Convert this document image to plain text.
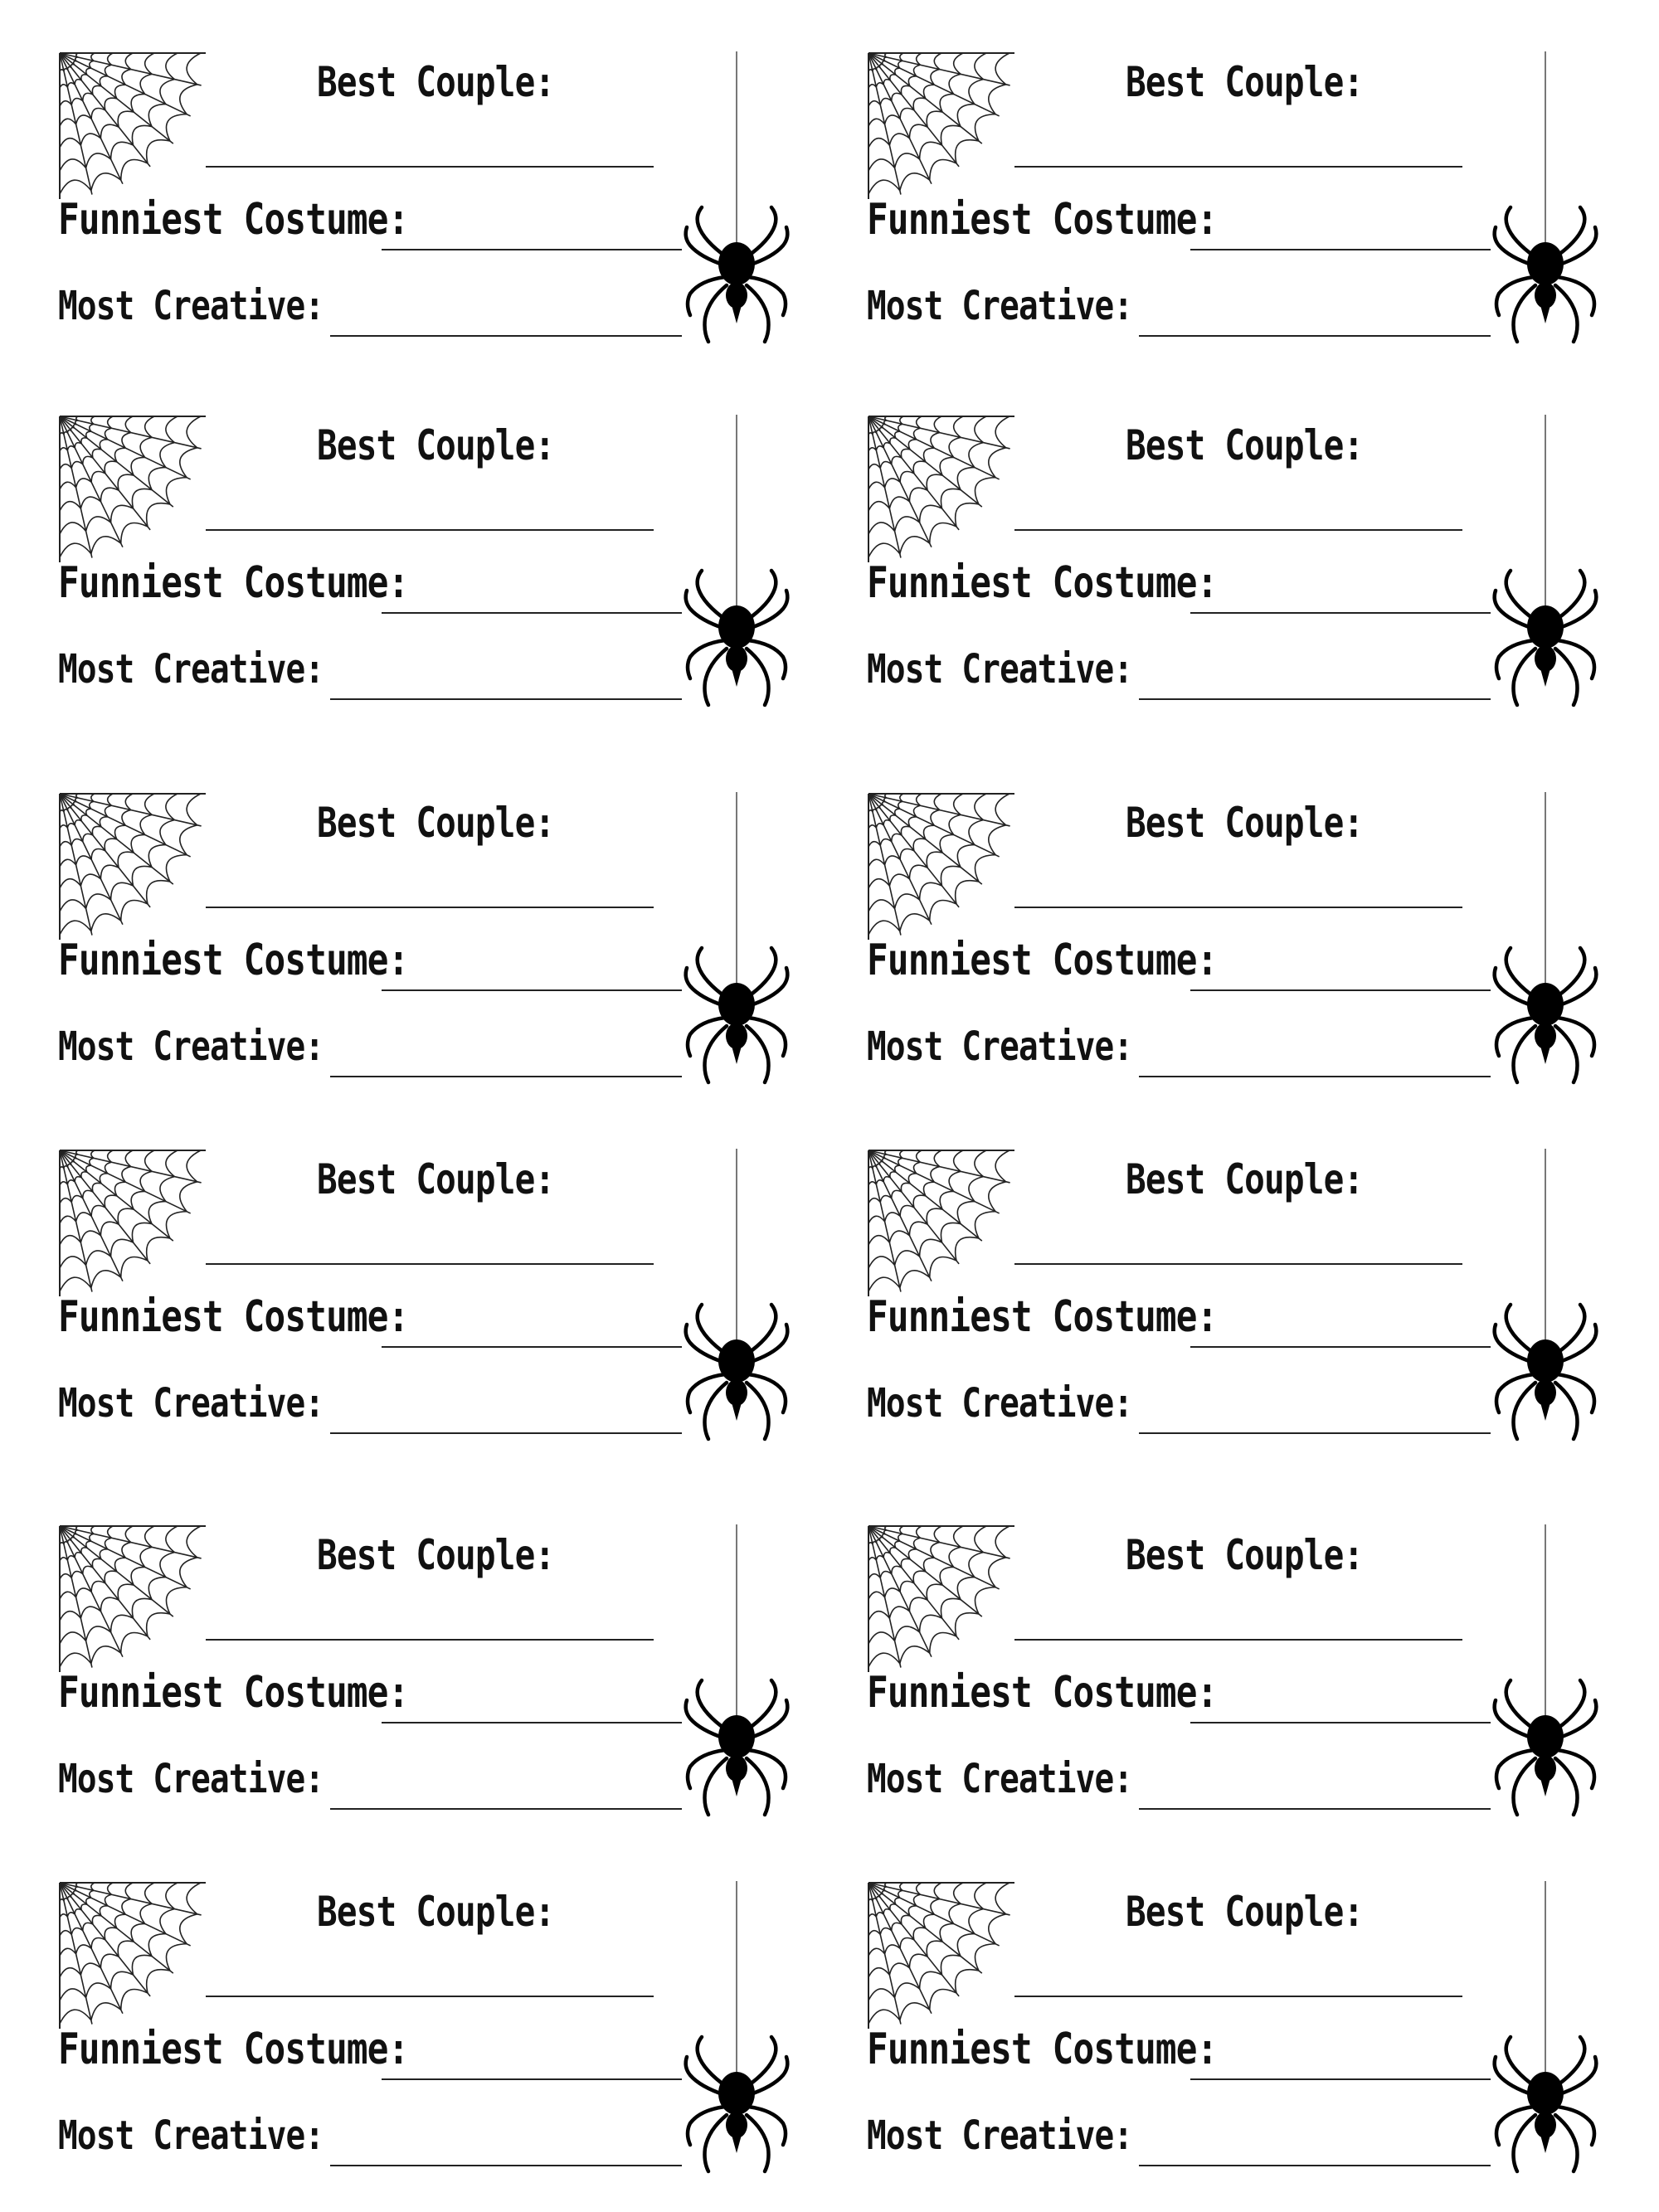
Best Couple:
Funniest Costume:
Most Creative:
Best Couple:
Funniest Costume:
Most Creative:
Best Couple:
Funniest Costume:
Most Creative:
Best Couple:
Funniest Costume:
Most Creative:
Best Couple:
Funniest Costume:
Most Creative:
Best Couple:
Funniest Costume:
Most Creative:
Best Couple:
Funniest Costume:
Most Creative:
Best Couple:
Funniest Costume:
Most Creative:
Best Couple:
Funniest Costume:
Most Creative:
Best Couple:
Funniest Costume:
Most Creative:
Best Couple:
Funniest Costume:
Most Creative:
Best Couple:
Funniest Costume:
Most Creative:
